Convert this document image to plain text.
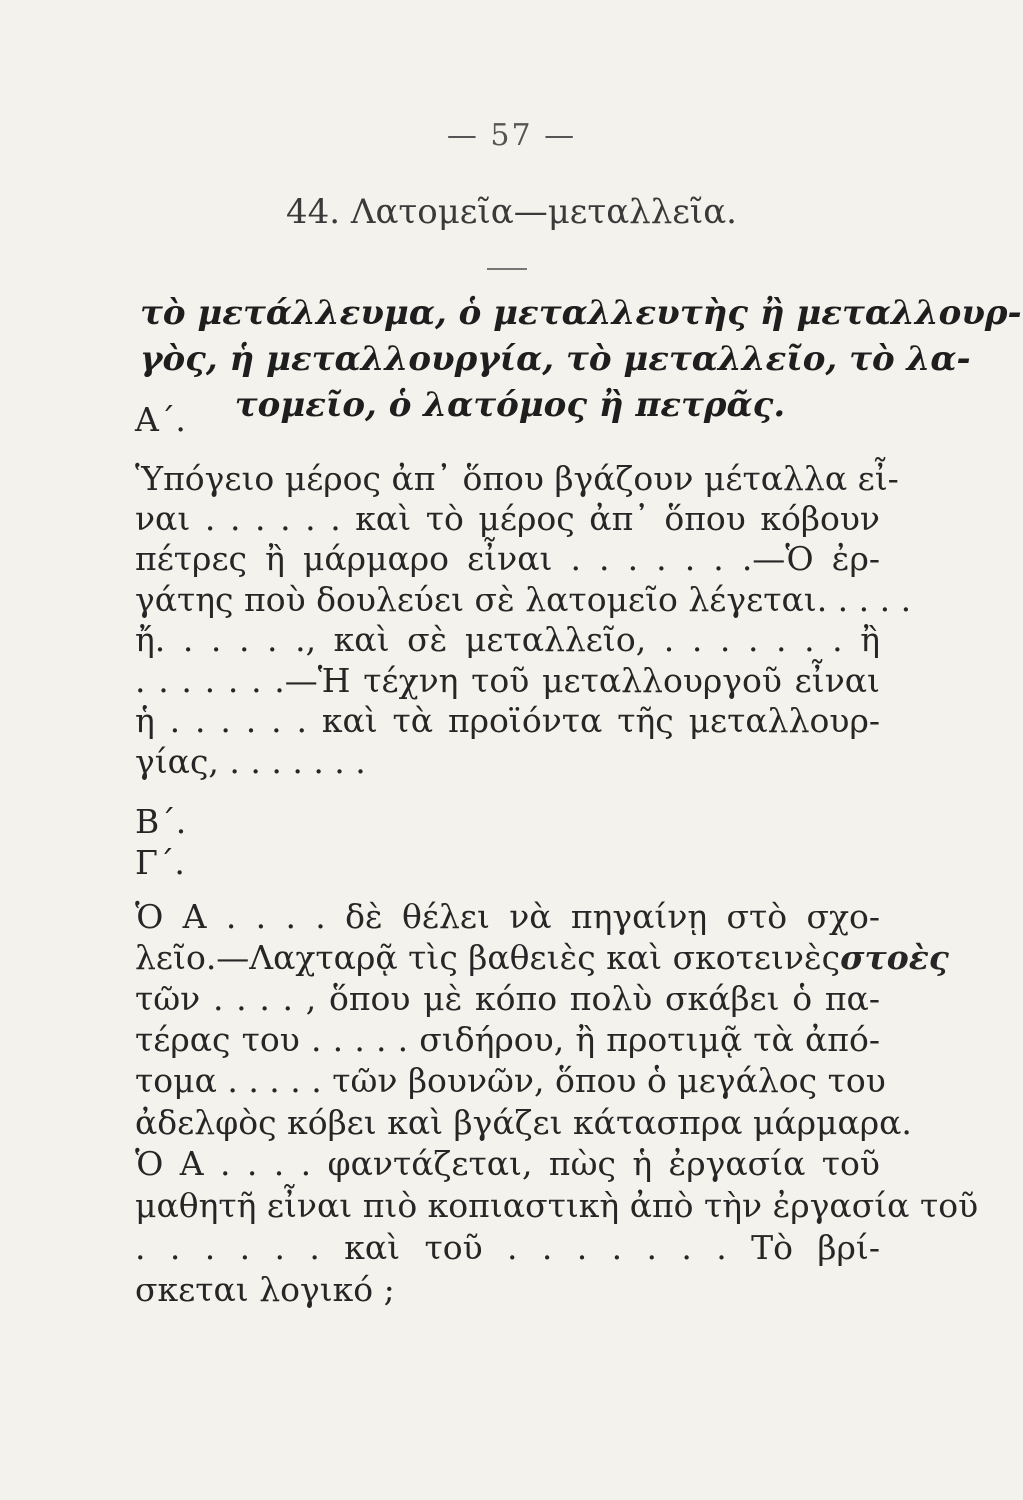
— 57 —
44. Λατομεῖα—μεταλλεῖα.
τὸ μετάλλευμα, ὁ μεταλλευτὴς ἢ μεταλλουρ-
γὸς, ἡ μεταλλουργία, τὸ μεταλλεῖο, τὸ λα-
τομεῖο, ὁ λατόμος ἢ πετρᾶς.
Α΄.
Ὑπόγειο μέρος ἀπ᾽ ὅπου βγάζουν μέταλλα εἶ-
ναι . . . . . . καὶ τὸ μέρος ἀπ᾽ ὅπου κόβουν
πέτρες ἢ μάρμαρο εἶναι . . . . . . .—Ὁ ἐρ-
γάτης ποὺ δουλεύει σὲ λατομεῖο λέγεται. . . . .
ἤ. . . . . ., καὶ σὲ μεταλλεῖο, . . . . . . . ἢ
. . . . . . .—Ἡ τέχνη τοῦ μεταλλουργοῦ εἶναι
ἡ . . . . . . καὶ τὰ προϊόντα τῆς μεταλλουρ-
γίας, . . . . . . .
Β΄.
Γ΄.
Ὁ Α . . . . δὲ θέλει νὰ πηγαίνῃ στὸ σχο-
λεῖο.—Λαχταρᾷ τὶς βαθειὲς καὶ σκοτεινὲς στοὲς
τῶν . . . . , ὅπου μὲ κόπο πολὺ σκάβει ὁ πα-
τέρας του . . . . . σιδήρου, ἢ προτιμᾷ τὰ ἀπό-
τομα . . . . . τῶν βουνῶν, ὅπου ὁ μεγάλος του
ἀδελφὸς κόβει καὶ βγάζει κάτασπρα μάρμαρα.
Ὁ Α . . . . φαντάζεται, πὼς ἡ ἐργασία τοῦ
μαθητῆ εἶναι πιὸ κοπιαστικὴ ἀπὸ τὴν ἐργασία τοῦ
. . . . . . καὶ τοῦ . . . . . . . Τὸ βρί-
σκεται λογικό ;
